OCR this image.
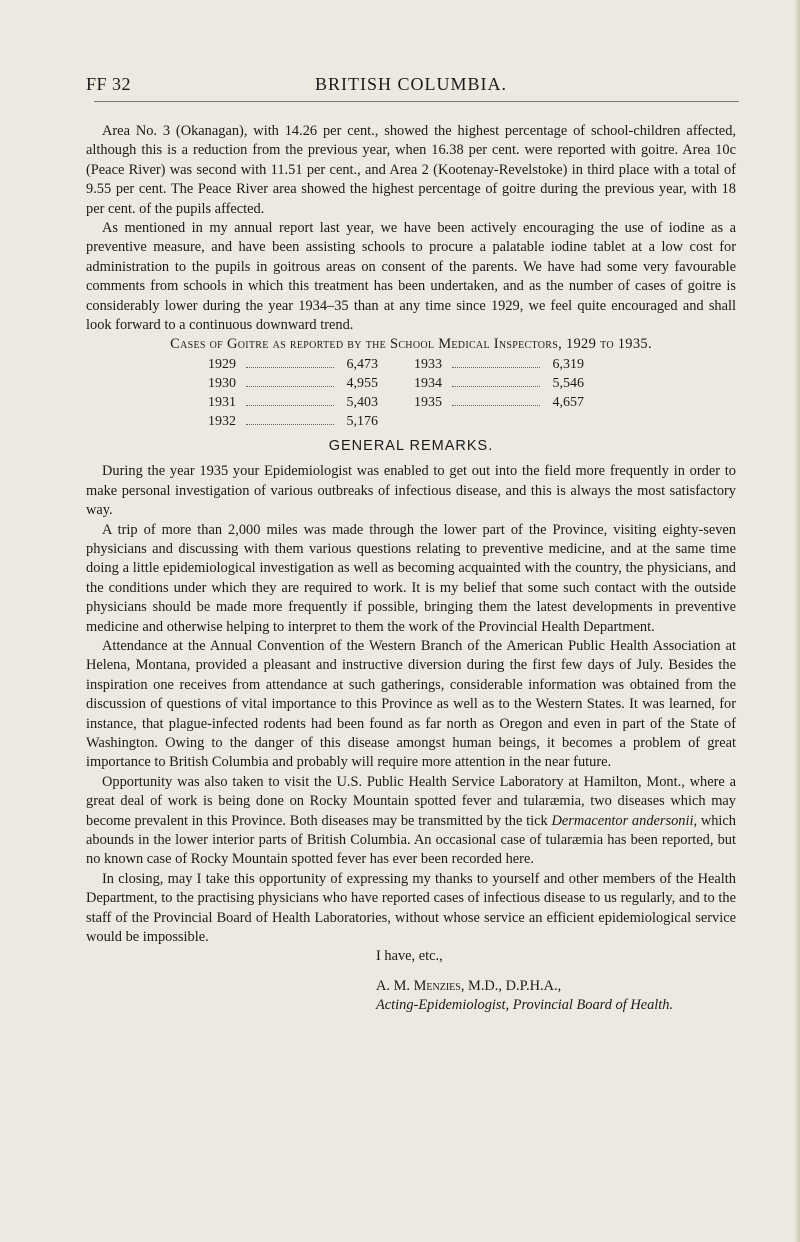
FF 32	BRITISH COLUMBIA.

Area No. 3 (Okanagan), with 14.26 per cent., showed the highest percentage of school-children affected, although this is a reduction from the previous year, when 16.38 per cent. were reported with goitre. Area 10c (Peace River) was second with 11.51 per cent., and Area 2 (Kootenay-Revelstoke) in third place with a total of 9.55 per cent. The Peace River area showed the highest percentage of goitre during the previous year, with 18 per cent. of the pupils affected.

As mentioned in my annual report last year, we have been actively encouraging the use of iodine as a preventive measure, and have been assisting schools to procure a palatable iodine tablet at a low cost for administration to the pupils in goitrous areas on consent of the parents. We have had some very favourable comments from schools in which this treatment has been undertaken, and as the number of cases of goitre is considerably lower during the year 1934–35 than at any time since 1929, we feel quite encouraged and shall look forward to a continuous downward trend.

Cases of Goitre as reported by the School Medical Inspectors, 1929 to 1935.

1929	6,473
1930	4,955
1931	5,403
1932	5,176
1933	6,319
1934	5,546
1935	4,657
GENERAL REMARKS.

During the year 1935 your Epidemiologist was enabled to get out into the field more frequently in order to make personal investigation of various outbreaks of infectious disease, and this is always the most satisfactory way.

A trip of more than 2,000 miles was made through the lower part of the Province, visiting eighty-seven physicians and discussing with them various questions relating to preventive medicine, and at the same time doing a little epidemiological investigation as well as becoming acquainted with the country, the physicians, and the conditions under which they are required to work. It is my belief that some such contact with the outside physicians should be made more frequently if possible, bringing them the latest developments in preventive medicine and otherwise helping to interpret to them the work of the Provincial Health Department.

Attendance at the Annual Convention of the Western Branch of the American Public Health Association at Helena, Montana, provided a pleasant and instructive diversion during the first few days of July. Besides the inspiration one receives from attendance at such gatherings, considerable information was obtained from the discussion of questions of vital importance to this Province as well as to the Western States. It was learned, for instance, that plague-infected rodents had been found as far north as Oregon and even in part of the State of Washington. Owing to the danger of this disease amongst human beings, it becomes a problem of great importance to British Columbia and probably will require more attention in the near future.

Opportunity was also taken to visit the U.S. Public Health Service Laboratory at Hamilton, Mont., where a great deal of work is being done on Rocky Mountain spotted fever and tularæmia, two diseases which may become prevalent in this Province. Both diseases may be transmitted by the tick Dermacentor andersonii, which abounds in the lower interior parts of British Columbia. An occasional case of tularæmia has been reported, but no known case of Rocky Mountain spotted fever has ever been recorded here.

In closing, may I take this opportunity of expressing my thanks to yourself and other members of the Health Department, to the practising physicians who have reported cases of infectious disease to us regularly, and to the staff of the Provincial Board of Health Laboratories, without whose service an efficient epidemiological service would be impossible.

I have, etc.,

A. M. Menzies, M.D., D.P.H.A.,
Acting-Epidemiologist, Provincial Board of Health.
